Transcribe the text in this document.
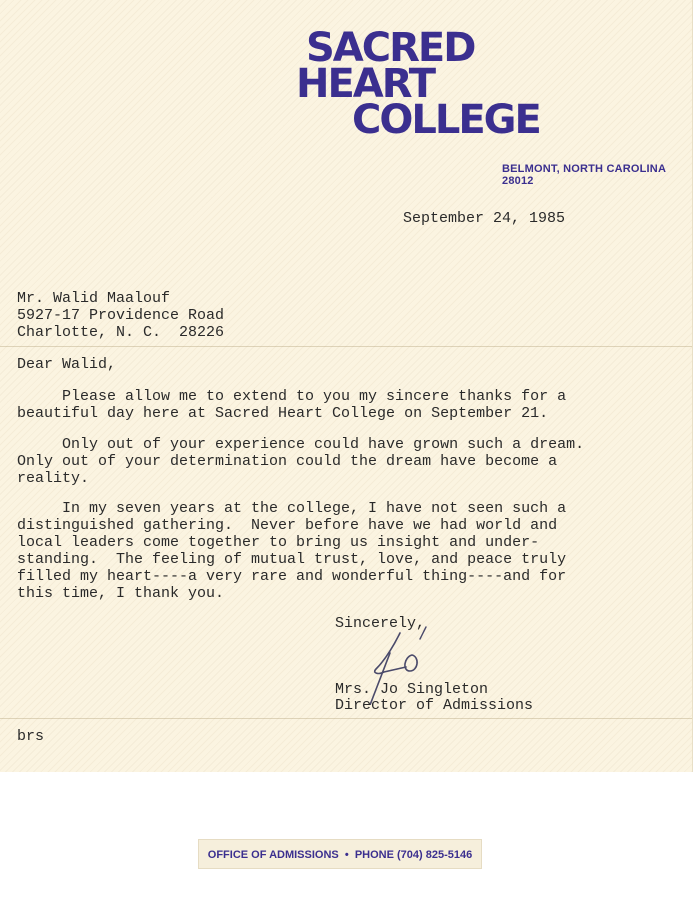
SACRED
HEART
COLLEGE
BELMONT, NORTH CAROLINA 28012
September 24, 1985
Mr. Walid Maalouf
5927-17 Providence Road
Charlotte, N. C.  28226
Dear Walid,
Please allow me to extend to you my sincere thanks for a
beautiful day here at Sacred Heart College on September 21.
Only out of your experience could have grown such a dream.
Only out of your determination could the dream have become a
reality.
In my seven years at the college, I have not seen such a
distinguished gathering.  Never before have we had world and
local leaders come together to bring us insight and under-
standing.  The feeling of mutual trust, love, and peace truly
filled my heart----a very rare and wonderful thing----and for
this time, I thank you.
Sincerely,
Mrs. Jo Singleton
Director of Admissions
brs
OFFICE OF ADMISSIONS  •  PHONE (704) 825-5146
